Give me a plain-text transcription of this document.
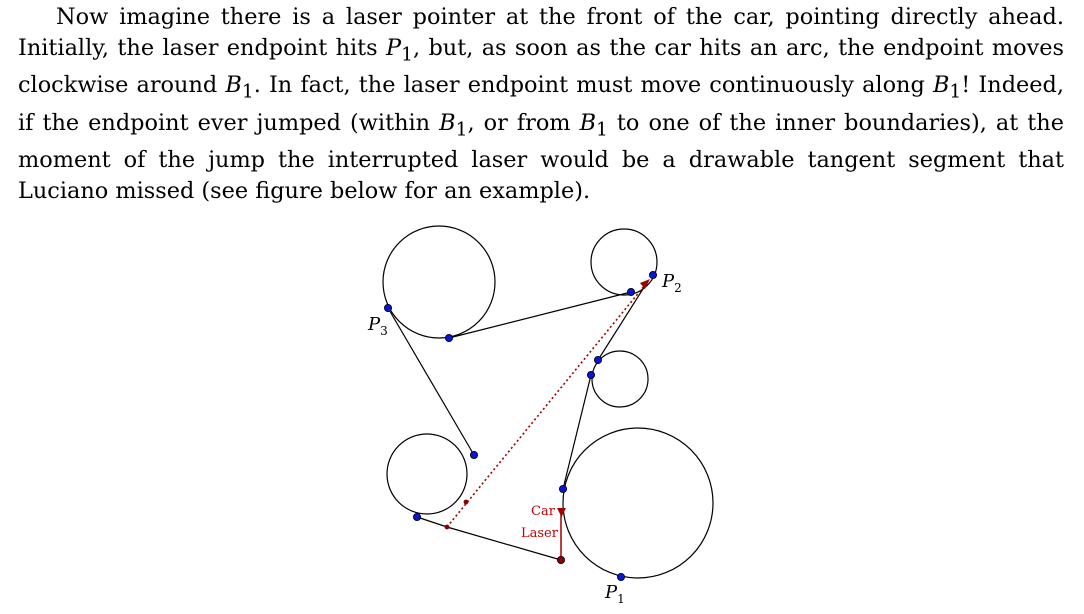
Now imagine there is a laser pointer at the front of the car, pointing directly ahead. Initially, the laser endpoint hits $P_1$, but, as soon as the car hits an arc, the endpoint moves clockwise around $B_1$. In fact, the laser endpoint must move continuously along $B_1$! Indeed, if the endpoint ever jumped (within $B_1$, or from $B_1$ to one of the inner boundaries), at the moment of the jump the interrupted laser would be a drawable tangent segment that Luciano missed (see figure below for an example).

$P_3$
$P_2$
$P_1$
Car
Laser
